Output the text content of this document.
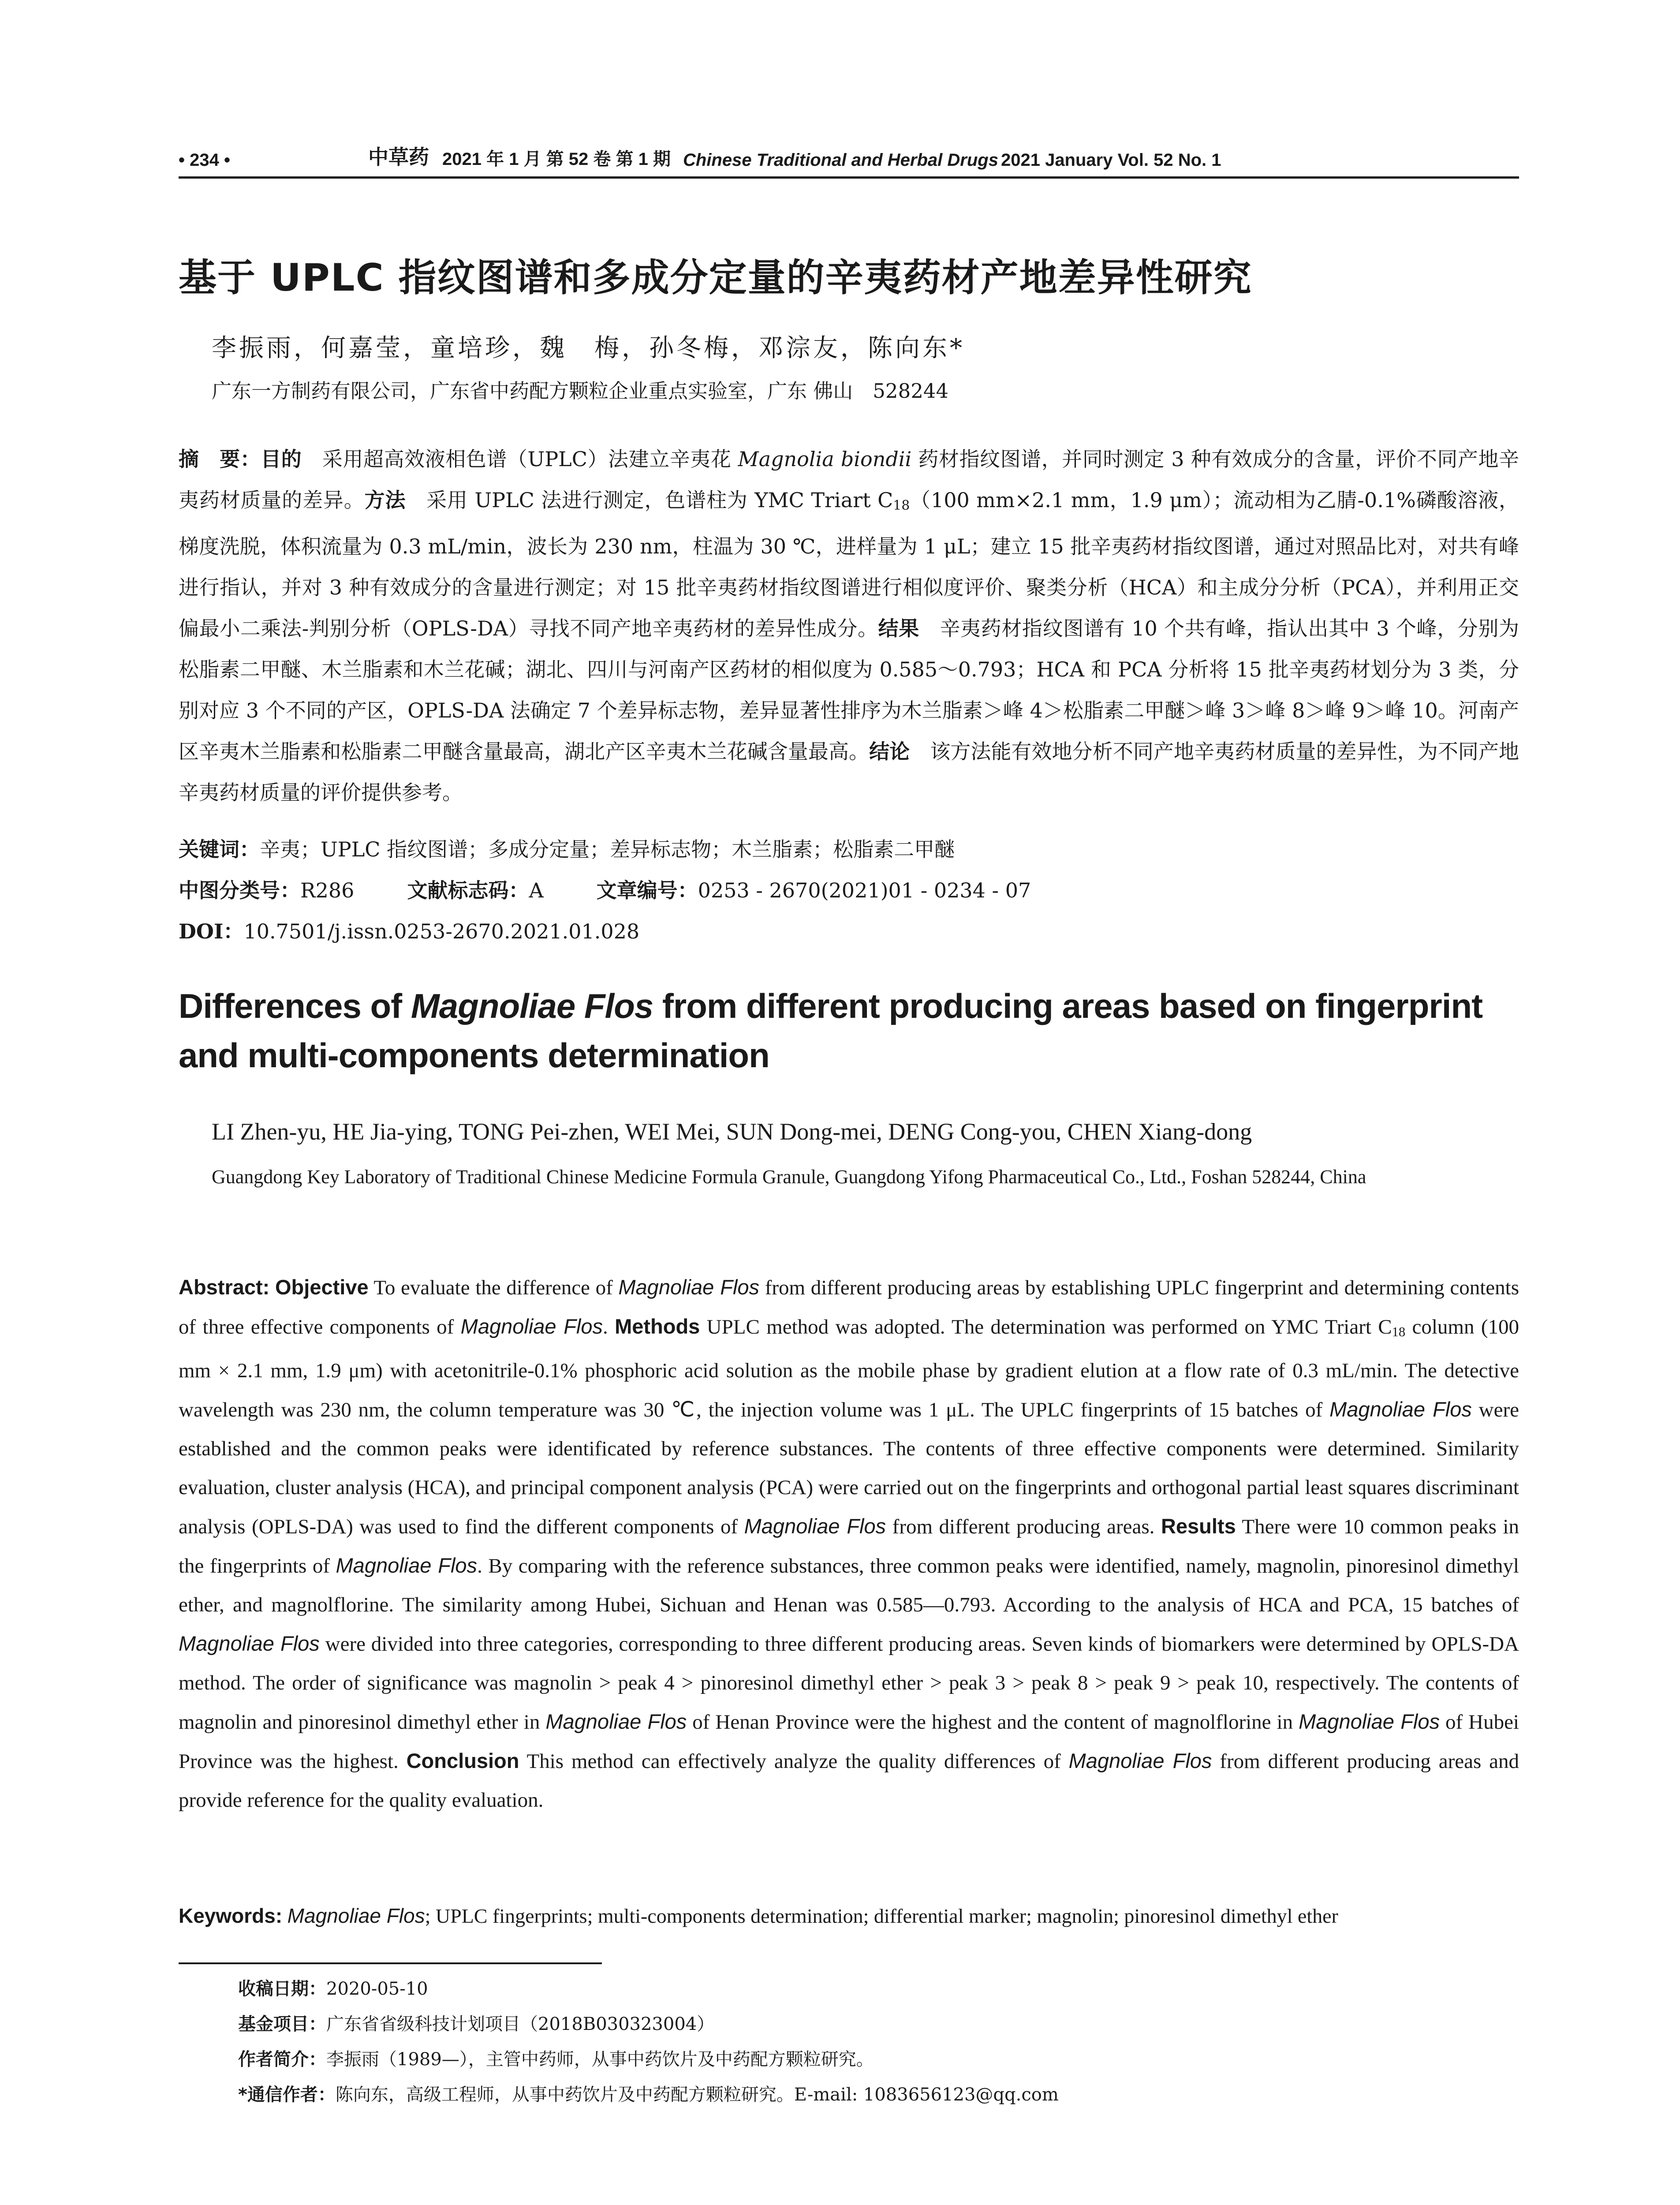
• 234 •	中草药 2021 年 1 月 第 52 卷 第 1 期 Chinese Traditional and Herbal Drugs 2021 January Vol. 52 No. 1
基于 UPLC 指纹图谱和多成分定量的辛夷药材产地差异性研究
李振雨，何嘉莹，童培珍，魏　梅，孙冬梅，邓淙友，陈向东*
广东一方制药有限公司，广东省中药配方颗粒企业重点实验室，广东 佛山　528244
摘　要：目的　采用超高效液相色谱（UPLC）法建立辛夷花 Magnolia biondii 药材指纹图谱，并同时测定 3 种有效成分的含量，评价不同产地辛夷药材质量的差异。方法　采用 UPLC 法进行测定，色谱柱为 YMC Triart $C_{18}(100$ mm×2.1 mm，1.9 μm）；流动相为乙腈-0.1%磷酸溶液，梯度洗脱，体积流量为 0.3 mL/min，波长为 230 nm，柱温为 30 ℃，进样量为 1 μL；建立 15 批辛夷药材指纹图谱，通过对照品比对，对共有峰进行指认，并对 3 种有效成分的含量进行测定；对 15 批辛夷药材指纹图谱进行相似度评价、聚类分析（HCA）和主成分分析（PCA），并利用正交偏最小二乘法-判别分析（OPLS-DA）寻找不同产地辛夷药材的差异性成分。结果　辛夷药材指纹图谱有 10 个共有峰，指认出其中 3 个峰，分别为松脂素二甲醚、木兰脂素和木兰花碱；湖北、四川与河南产区药材的相似度为 0.585～0.793；HCA 和 PCA 分析将 15 批辛夷药材划分为 3 类，分别对应 3 个不同的产区，OPLS-DA 法确定 7 个差异标志物，差异显著性排序为木兰脂素＞峰 4＞松脂素二甲醚＞峰 3＞峰 8＞峰 9＞峰 10。河南产区辛夷木兰脂素和松脂素二甲醚含量最高，湖北产区辛夷木兰花碱含量最高。结论　该方法能有效地分析不同产地辛夷药材质量的差异性，为不同产地辛夷药材质量的评价提供参考。
关键词：辛夷；UPLC 指纹图谱；多成分定量；差异标志物；木兰脂素；松脂素二甲醚
中图分类号：R286	文献标志码：A	文章编号：0253 - 2670(2021)01 - 0234 - 07
DOI：10.7501/j.issn.0253-2670.2021.01.028
Differences of Magnoliae Flos from different producing areas based on fingerprint and multi-components determination
LI Zhen-yu, HE Jia-ying, TONG Pei-zhen, WEI Mei, SUN Dong-mei, DENG Cong-you, CHEN Xiang-dong
Guangdong Key Laboratory of Traditional Chinese Medicine Formula Granule, Guangdong Yifong Pharmaceutical Co., Ltd., Foshan 528244, China
Abstract: Objective To evaluate the difference of Magnoliae Flos from different producing areas by establishing UPLC fingerprint and determining contents of three effective components of Magnoliae Flos. Methods UPLC method was adopted. The determination was performed on YMC Triart $C_{18}$ column (100 mm × 2.1 mm, 1.9 μm) with acetonitrile-0.1% phosphoric acid solution as the mobile phase by gradient elution at a flow rate of 0.3 mL/min. The detective wavelength was 230 nm, the column temperature was 30 ℃, the injection volume was 1 μL. The UPLC fingerprints of 15 batches of Magnoliae Flos were established and the common peaks were identificated by reference substances. The contents of three effective components were determined. Similarity evaluation, cluster analysis (HCA), and principal component analysis (PCA) were carried out on the fingerprints and orthogonal partial least squares discriminant analysis (OPLS-DA) was used to find the different components of Magnoliae Flos from different producing areas. Results There were 10 common peaks in the fingerprints of Magnoliae Flos. By comparing with the reference substances, three common peaks were identified, namely, magnolin, pinoresinol dimethyl ether, and magnolflorine. The similarity among Hubei, Sichuan and Henan was 0.585—0.793. According to the analysis of HCA and PCA, 15 batches of Magnoliae Flos were divided into three categories, corresponding to three different producing areas. Seven kinds of biomarkers were determined by OPLS-DA method. The order of significance was magnolin > peak 4 > pinoresinol dimethyl ether > peak 3 > peak 8 > peak 9 > peak 10, respectively. The contents of magnolin and pinoresinol dimethyl ether in Magnoliae Flos of Henan Province were the highest and the content of magnolflorine in Magnoliae Flos of Hubei Province was the highest. Conclusion This method can effectively analyze the quality differences of Magnoliae Flos from different producing areas and provide reference for the quality evaluation.
Keywords: Magnoliae Flos; UPLC fingerprints; multi-components determination; differential marker; magnolin; pinoresinol dimethyl ether
收稿日期：2020-05-10
基金项目：广东省省级科技计划项目（2018B030323004）
作者简介：李振雨（1989—），主管中药师，从事中药饮片及中药配方颗粒研究。
*通信作者：陈向东，高级工程师，从事中药饮片及中药配方颗粒研究。E-mail: 1083656123@qq.com
